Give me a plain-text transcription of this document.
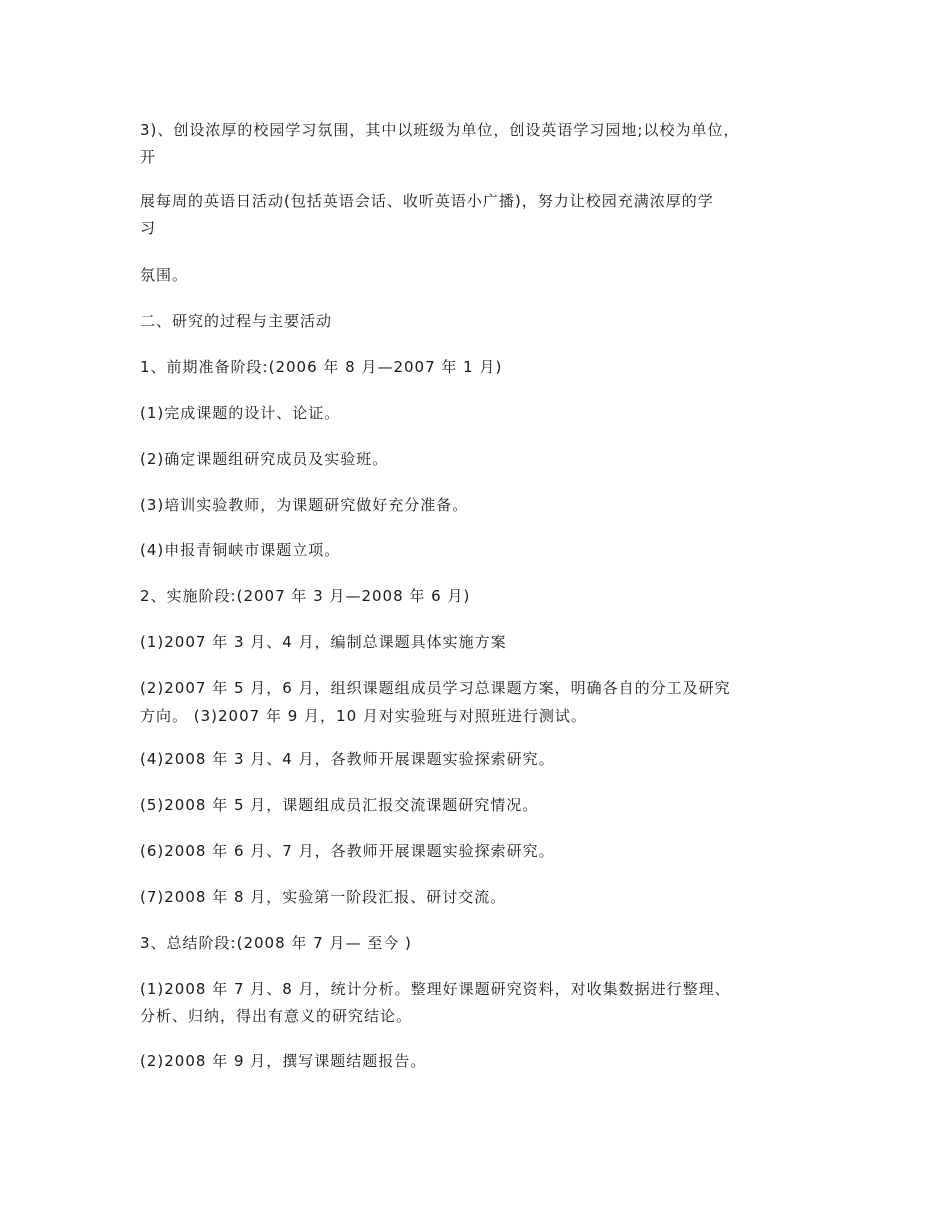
3)、创设浓厚的校园学习氛围，其中以班级为单位，创设英语学习园地;以校为单位，
开
展每周的英语日活动(包括英语会话、收听英语小广播)，努力让校园充满浓厚的学
习
氛围。
二、研究的过程与主要活动
1、前期准备阶段:(2006 年 8 月—2007 年 1 月)
(1)完成课题的设计、论证。
(2)确定课题组研究成员及实验班。
(3)培训实验教师，为课题研究做好充分准备。
(4)申报青铜峡市课题立项。
2、实施阶段:(2007 年 3 月—2008 年 6 月)
(1)2007 年 3 月、4 月，编制总课题具体实施方案
(2)2007 年 5 月，6 月，组织课题组成员学习总课题方案，明确各自的分工及研究
方向。 (3)2007 年 9 月，10 月对实验班与对照班进行测试。
(4)2008 年 3 月、4 月，各教师开展课题实验探索研究。
(5)2008 年 5 月，课题组成员汇报交流课题研究情况。
(6)2008 年 6 月、7 月，各教师开展课题实验探索研究。
(7)2008 年 8 月，实验第一阶段汇报、研讨交流。
3、总结阶段:(2008 年 7 月— 至今 )
(1)2008 年 7 月、8 月，统计分析。整理好课题研究资料，对收集数据进行整理、
分析、归纳，得出有意义的研究结论。
(2)2008 年 9 月，撰写课题结题报告。
